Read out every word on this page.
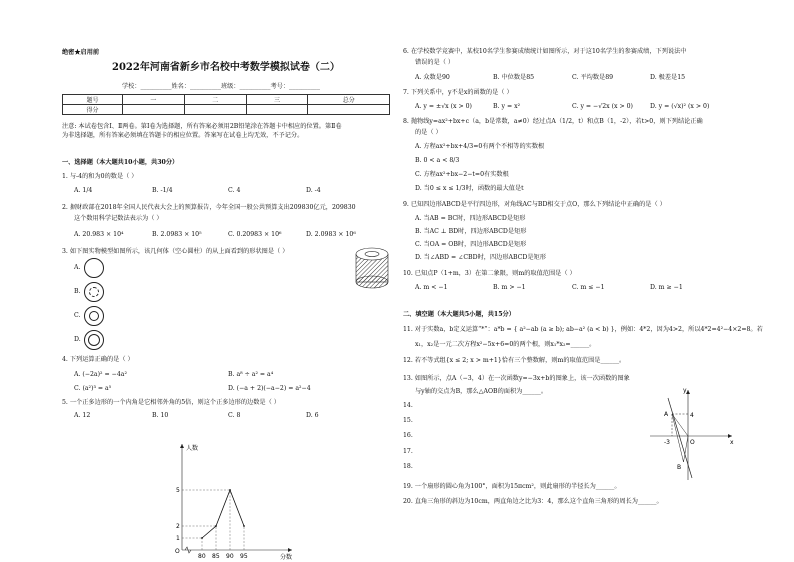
绝密★启用前
2022年河南省新乡市名校中考数学模拟试卷（二）
学校：__________姓名：__________班级：__________考号：__________
题号	一	二	三	总分
得分				
注意: 本试卷包含Ⅰ、Ⅱ两卷。第Ⅰ卷为选择题，所有答案必须用2B铅笔涂在答题卡中相应的位置。第Ⅱ卷
为非选择题，所有答案必须填在答题卡的相应位置。答案写在试卷上均无效，不予记分。
一、选择题（本大题共10小题，共30分）
1. 与-4的和为0的数是（ ）
A. 1/4	B. -1/4	C. 4	D. -4
2. 据财政部在2018年全国人民代表大会上的预算报告，今年全国一般公共预算支出209830亿元，209830
这个数用科学记数法表示为（ ）
A. 20.983 × 10⁴	B. 2.0983 × 10⁵	C. 0.20983 × 10⁶	D. 2.0983 × 10⁶
3. 如下图实物模型如图所示，该几何体（空心圆柱）的从上面看到的形状图是（ ）
A.
B.
C.
D.
4. 下列运算正确的是（ ）
A. (−2a)² = −4a²	B. a⁸ ÷ a² = a⁴
C. (a²)³ = a⁵	D. (−a + 2)(−a−2) = a²−4
5. 一个正多边形的一个内角是它相邻外角的5倍，则这个正多边形的边数是（ ）
A. 12	B. 10	C. 8	D. 6
人数
分数
O
1
2
5
80 85 90 95
6. 在学校数学竞赛中，某校10名学生参赛成绩统计如图所示，对于这10名学生的参赛成绩，下列说法中
错误的是（ ）
A. 众数是90	B. 中位数是85	C. 平均数是89	D. 极差是15
7. 下列关系中，y不是x的函数的是（ ）
A. y = ±√x (x > 0)	B. y = x²	C. y = −√2x (x > 0)	D. y = (√x)² (x > 0)
8. 抛物线y=ax²+bx+c（a，b是常数，a≠0）经过点A（1/2，t）和点B（1，-2），若t>0，则下列结论正确
的是（ ）
A. 方程ax²+bx+4/3=0有两个不相等的实数根
B. 0 < a < 8/3
C. 方程ax²+bx−2−t=0有实数根
D. 当0 ≤ x ≤ 1/3时，函数的最大值是t
9. 已知四边形ABCD是平行四边形，对角线AC与BD相交于点O，那么下列结论中正确的是（ ）
A. 当AB = BC时，四边形ABCD是矩形
B. 当AC ⊥ BD时，四边形ABCD是矩形
C. 当OA = OB时，四边形ABCD是矩形
D. 当∠ABD = ∠CBD时，四边形ABCD是矩形
10. 已知点P（1+m，3）在第二象限，则m的取值范围是（ ）
A. m < −1	B. m > −1	C. m ≤ −1	D. m ≥ −1
二、填空题（本大题共5小题，共15分）
11. 对于实数a，b定义运算“*”：a*b = { a²−ab (a ≥ b); ab−a² (a < b) }，例如：4*2，因为4>2，所以4*2=4²−4×2=8。若
x₁，x₂是一元二次方程x²−5x+6=0的两个根，则x₁*x₂=______。
12. 若不等式组{x ≤ 2; x > m+1}恰有三个整数解，则m的取值范围是______。
13. 如图所示，点A（−3，4）在一次函数y=−3x+b的图象上，该一次函数的图象
与y轴的交点为B，那么△AOB的面积为______。
14.
15.
16.
17.
18.
y
x
O
A	4
-3
B
19. 一个扇形的圆心角为100°，面积为15πcm²，则此扇形的半径长为______。
20. 直角三角形的斜边为10cm，两直角边之比为3：4，那么这个直角三角形的周长为______。
